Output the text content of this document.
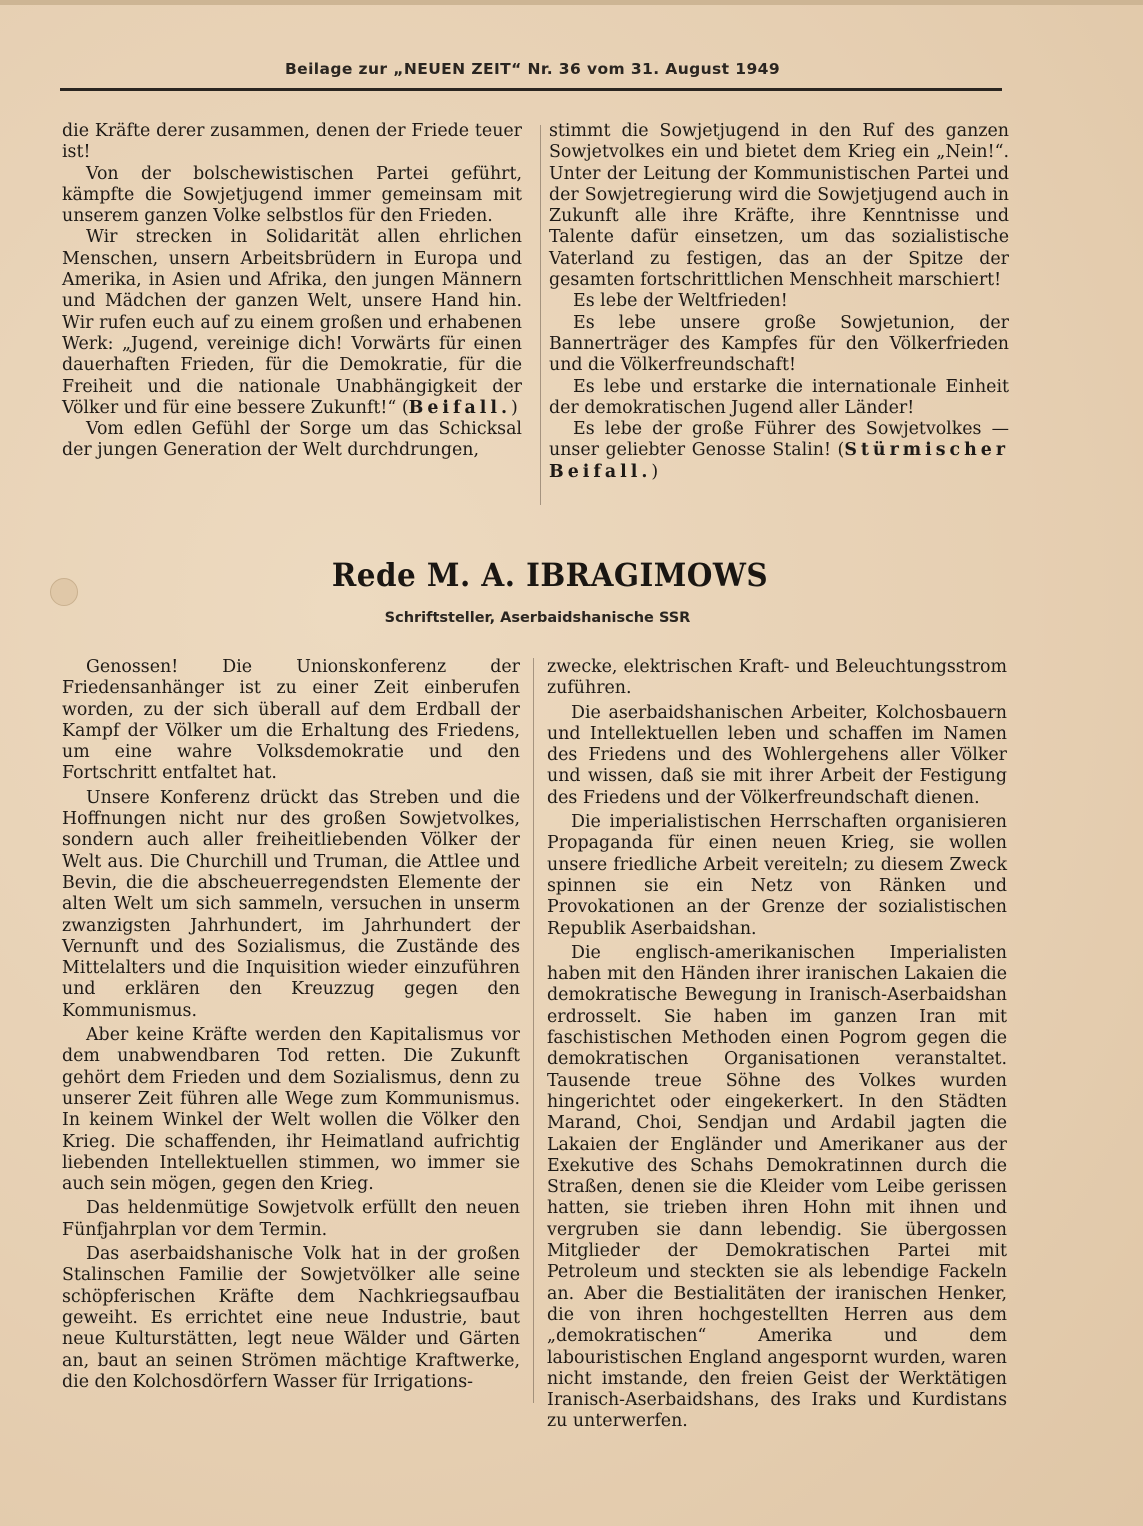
Beilage zur „NEUEN ZEIT“ Nr. 36 vom 31. August 1949

die Kräfte derer zusammen, denen der Friede teuer ist!

Von der bolschewistischen Partei geführt, kämpfte die Sowjetjugend immer gemeinsam mit unserem ganzen Volke selbstlos für den Frieden.

Wir strecken in Solidarität allen ehrlichen Menschen, unsern Arbeitsbrüdern in Europa und Amerika, in Asien und Afrika, den jungen Männern und Mädchen der ganzen Welt, unsere Hand hin. Wir rufen euch auf zu einem großen und erhabenen Werk: „Jugend, vereinige dich! Vorwärts für einen dauerhaften Frieden, für die Demokratie, für die Freiheit und die nationale Unabhängigkeit der Völker und für eine bessere Zukunft!“ (Beifall.)

Vom edlen Gefühl der Sorge um das Schicksal der jungen Generation der Welt durchdrungen,

stimmt die Sowjetjugend in den Ruf des ganzen Sowjetvolkes ein und bietet dem Krieg ein „Nein!“. Unter der Leitung der Kommunistischen Partei und der Sowjetregierung wird die Sowjetjugend auch in Zukunft alle ihre Kräfte, ihre Kenntnisse und Talente dafür einsetzen, um das sozialistische Vaterland zu festigen, das an der Spitze der gesamten fortschrittlichen Menschheit marschiert!

Es lebe der Weltfrieden!

Es lebe unsere große Sowjetunion, der Bannerträger des Kampfes für den Völkerfrieden und die Völkerfreundschaft!

Es lebe und erstarke die internationale Einheit der demokratischen Jugend aller Länder!

Es lebe der große Führer des Sowjetvolkes — unser geliebter Genosse Stalin! (Stürmischer Beifall.)

Rede M. A. IBRAGIMOWS
Schriftsteller, Aserbaidshanische SSR

Genossen! Die Unionskonferenz der Friedensanhänger ist zu einer Zeit einberufen worden, zu der sich überall auf dem Erdball der Kampf der Völker um die Erhaltung des Friedens, um eine wahre Volksdemokratie und den Fortschritt entfaltet hat.

Unsere Konferenz drückt das Streben und die Hoffnungen nicht nur des großen Sowjetvolkes, sondern auch aller freiheitliebenden Völker der Welt aus. Die Churchill und Truman, die Attlee und Bevin, die die abscheuerregendsten Elemente der alten Welt um sich sammeln, versuchen in unserm zwanzigsten Jahrhundert, im Jahrhundert der Vernunft und des Sozialismus, die Zustände des Mittelalters und die Inquisition wieder einzuführen und erklären den Kreuzzug gegen den Kommunismus.

Aber keine Kräfte werden den Kapitalismus vor dem unabwendbaren Tod retten. Die Zukunft gehört dem Frieden und dem Sozialismus, denn zu unserer Zeit führen alle Wege zum Kommunismus. In keinem Winkel der Welt wollen die Völker den Krieg. Die schaffenden, ihr Heimatland aufrichtig liebenden Intellektuellen stimmen, wo immer sie auch sein mögen, gegen den Krieg.

Das heldenmütige Sowjetvolk erfüllt den neuen Fünfjahrplan vor dem Termin.

Das aserbaidshanische Volk hat in der großen Stalinschen Familie der Sowjetvölker alle seine schöpferischen Kräfte dem Nachkriegsaufbau geweiht. Es errichtet eine neue Industrie, baut neue Kulturstätten, legt neue Wälder und Gärten an, baut an seinen Strömen mächtige Kraftwerke, die den Kolchosdörfern Wasser für Irrigations-

zwecke, elektrischen Kraft- und Beleuchtungsstrom zuführen.

Die aserbaidshanischen Arbeiter, Kolchosbauern und Intellektuellen leben und schaffen im Namen des Friedens und des Wohlergehens aller Völker und wissen, daß sie mit ihrer Arbeit der Festigung des Friedens und der Völkerfreundschaft dienen.

Die imperialistischen Herrschaften organisieren Propaganda für einen neuen Krieg, sie wollen unsere friedliche Arbeit vereiteln; zu diesem Zweck spinnen sie ein Netz von Ränken und Provokationen an der Grenze der sozialistischen Republik Aserbaidshan.

Die englisch-amerikanischen Imperialisten haben mit den Händen ihrer iranischen Lakaien die demokratische Bewegung in Iranisch-Aserbaidshan erdrosselt. Sie haben im ganzen Iran mit faschistischen Methoden einen Pogrom gegen die demokratischen Organisationen veranstaltet. Tausende treue Söhne des Volkes wurden hingerichtet oder eingekerkert. In den Städten Marand, Choi, Sendjan und Ardabil jagten die Lakaien der Engländer und Amerikaner aus der Exekutive des Schahs Demokratinnen durch die Straßen, denen sie die Kleider vom Leibe gerissen hatten, sie trieben ihren Hohn mit ihnen und vergruben sie dann lebendig. Sie übergossen Mitglieder der Demokratischen Partei mit Petroleum und steckten sie als lebendige Fackeln an. Aber die Bestialitäten der iranischen Henker, die von ihren hochgestellten Herren aus dem „demokratischen“ Amerika und dem labouristischen England angespornt wurden, waren nicht imstande, den freien Geist der Werktätigen Iranisch-Aserbaidshans, des Iraks und Kurdistans zu unterwerfen.
